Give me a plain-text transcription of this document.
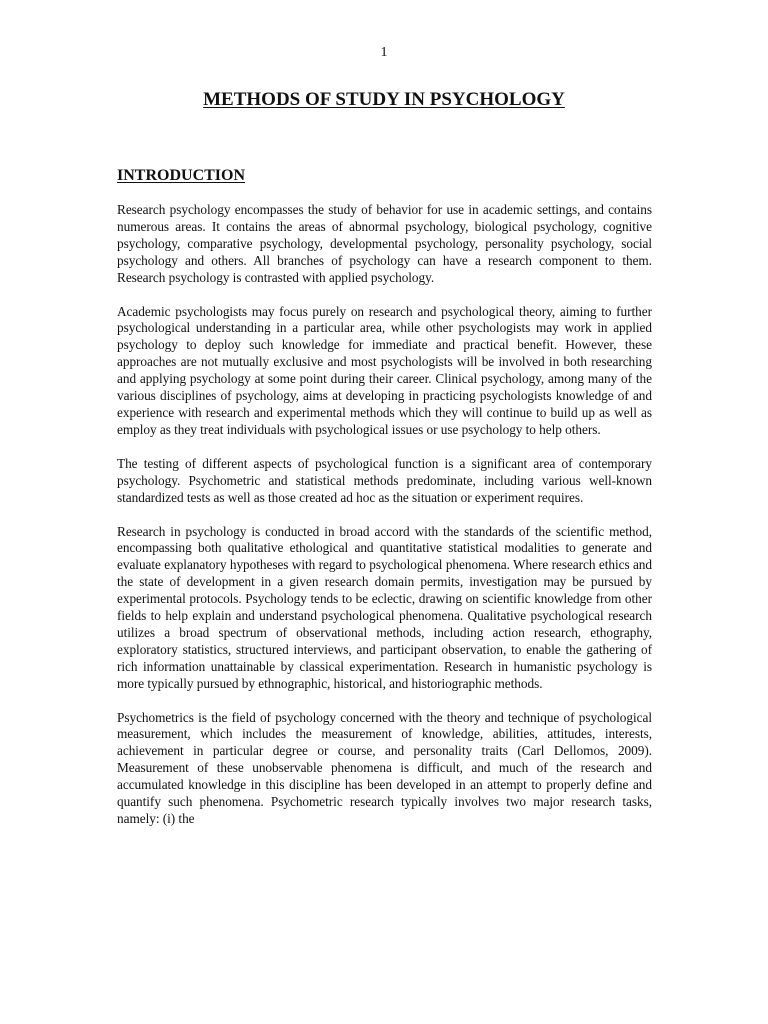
1
METHODS OF STUDY IN PSYCHOLOGY
INTRODUCTION

Research psychology encompasses the study of behavior for use in academic settings, and contains numerous areas. It contains the areas of abnormal psychology, biological psychology, cognitive psychology, comparative psychology, developmental psychology, personality psychology, social psychology and others. All branches of psychology can have a research component to them. Research psychology is contrasted with applied psychology.

Academic psychologists may focus purely on research and psychological theory, aiming to further psychological understanding in a particular area, while other psychologists may work in applied psychology to deploy such knowledge for immediate and practical benefit. However, these approaches are not mutually exclusive and most psychologists will be involved in both researching and applying psychology at some point during their career. Clinical psychology, among many of the various disciplines of psychology, aims at developing in practicing psychologists knowledge of and experience with research and experimental methods which they will continue to build up as well as employ as they treat individuals with psychological issues or use psychology to help others.

The testing of different aspects of psychological function is a significant area of contemporary psychology. Psychometric and statistical methods predominate, including various well-known standardized tests as well as those created ad hoc as the situation or experiment requires.

Research in psychology is conducted in broad accord with the standards of the scientific method, encompassing both qualitative ethological and quantitative statistical modalities to generate and evaluate explanatory hypotheses with regard to psychological phenomena. Where research ethics and the state of development in a given research domain permits, investigation may be pursued by experimental protocols. Psychology tends to be eclectic, drawing on scientific knowledge from other fields to help explain and understand psychological phenomena. Qualitative psychological research utilizes a broad spectrum of observational methods, including action research, ethography, exploratory statistics, structured interviews, and participant observation, to enable the gathering of rich information unattainable by classical experimentation. Research in humanistic psychology is more typically pursued by ethnographic, historical, and historiographic methods.

Psychometrics is the field of psychology concerned with the theory and technique of psychological measurement, which includes the measurement of knowledge, abilities, attitudes, interests, achievement in particular degree or course, and personality traits (Carl Dellomos, 2009). Measurement of these unobservable phenomena is difficult, and much of the research and accumulated knowledge in this discipline has been developed in an attempt to properly define and quantify such phenomena. Psychometric research typically involves two major research tasks, namely: (i) the
